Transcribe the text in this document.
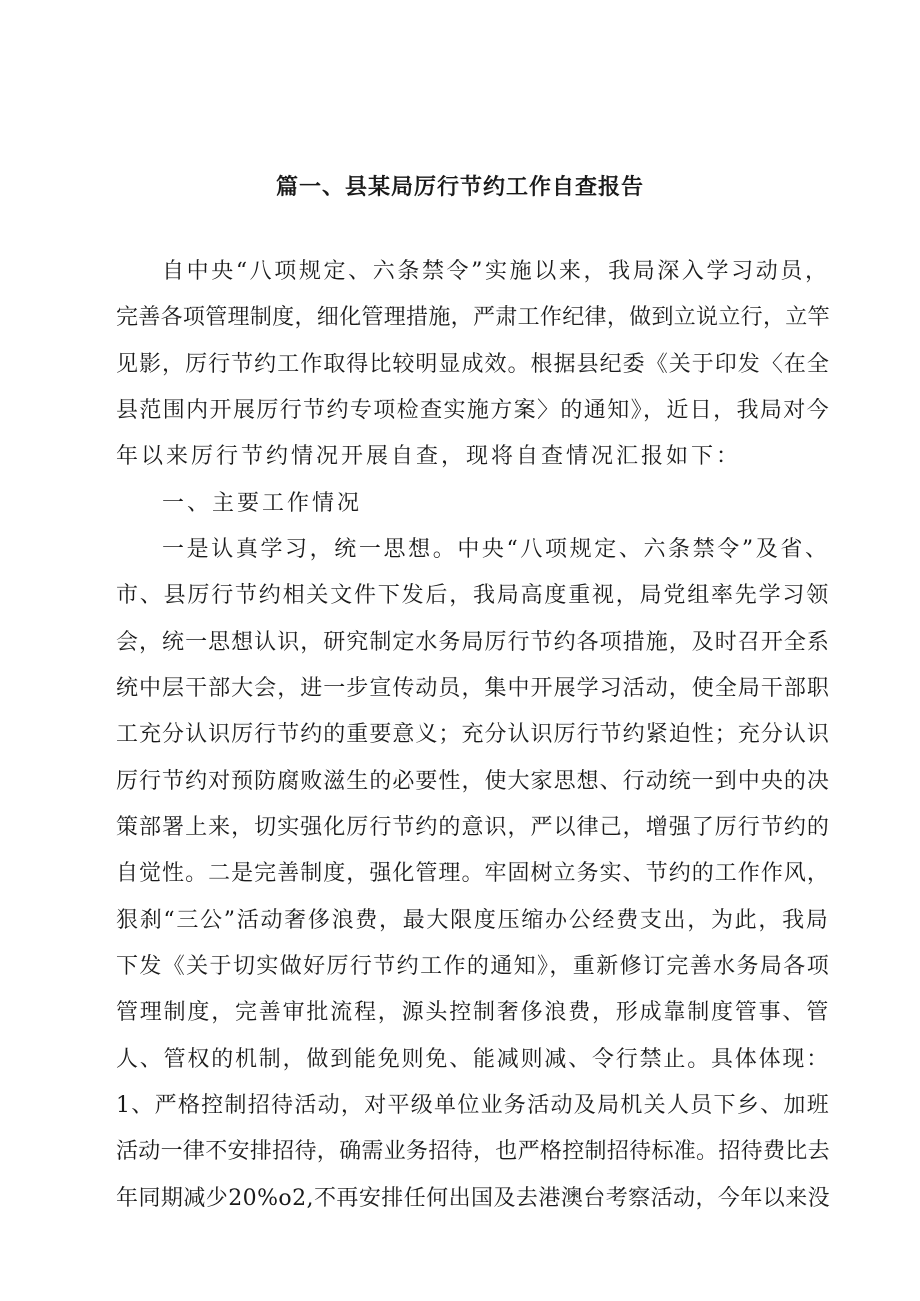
篇一、县某局厉行节约工作自查报告
自中央“八项规定、六条禁令”实施以来，我局深入学习动员，
完善各项管理制度，细化管理措施，严肃工作纪律，做到立说立行，立竿
见影，厉行节约工作取得比较明显成效。根据县纪委《关于印发〈在全
县范围内开展厉行节约专项检查实施方案〉的通知》，近日，我局对今
年以来厉行节约情况开展自查，现将自查情况汇报如下：
一、主要工作情况
一是认真学习，统一思想。中央“八项规定、六条禁令”及省、
市、县厉行节约相关文件下发后，我局高度重视，局党组率先学习领
会，统一思想认识，研究制定水务局厉行节约各项措施，及时召开全系
统中层干部大会，进一步宣传动员，集中开展学习活动，使全局干部职
工充分认识厉行节约的重要意义；充分认识厉行节约紧迫性；充分认识
厉行节约对预防腐败滋生的必要性，使大家思想、行动统一到中央的决
策部署上来，切实强化厉行节约的意识，严以律己，增强了厉行节约的
自觉性。二是完善制度，强化管理。牢固树立务实、节约的工作作风，
狠刹“三公”活动奢侈浪费，最大限度压缩办公经费支出，为此，我局
下发《关于切实做好厉行节约工作的通知》，重新修订完善水务局各项
管理制度，完善审批流程，源头控制奢侈浪费，形成靠制度管事、管
人、管权的机制，做到能免则免、能减则减、令行禁止。具体体现：
1、严格控制招待活动，对平级单位业务活动及局机关人员下乡、加班
活动一律不安排招待，确需业务招待，也严格控制招待标准。招待费比去
年同期减少20%o2,不再安排任何出国及去港澳台考察活动，今年以来没
